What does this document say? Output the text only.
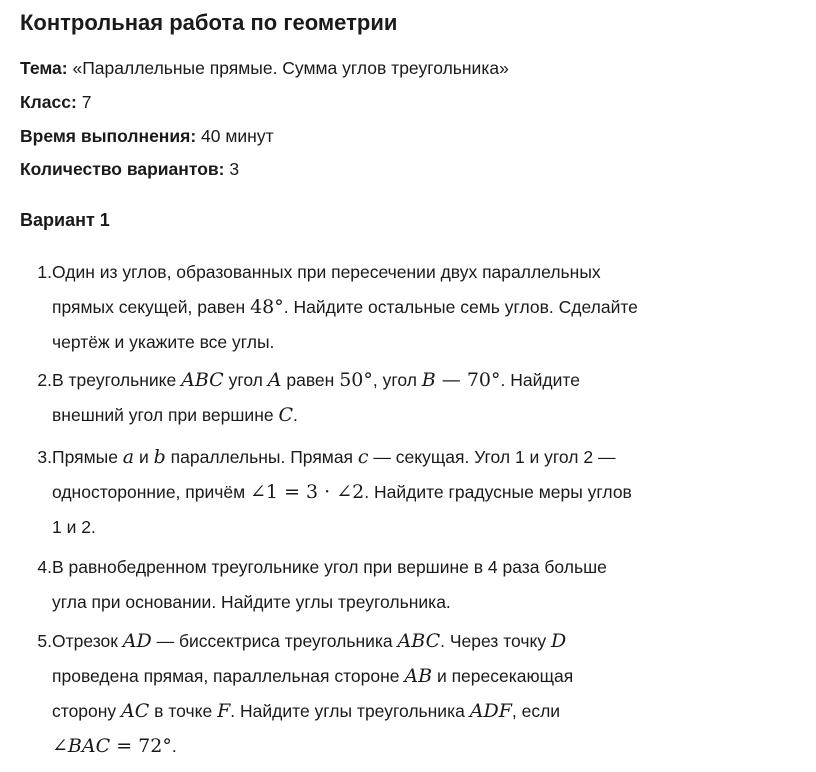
Контрольная работа по геометрии
Тема: «Параллельные прямые. Сумма углов треугольника»
Класс: 7
Время выполнения: 40 минут
Количество вариантов: 3
Вариант 1
1. Один из углов, образованных при пересечении двух параллельных
прямых секущей, равен 48°. Найдите остальные семь углов. Сделайте
чертёж и укажите все углы.
2. В треугольнике ABC угол A равен 50°, угол B — 70°. Найдите
внешний угол при вершине C.
3. Прямые a и b параллельны. Прямая c — секущая. Угол 1 и угол 2 —
односторонние, причём ∠1 = 3 · ∠2. Найдите градусные меры углов
1 и 2.
4. В равнобедренном треугольнике угол при вершине в 4 раза больше
угла при основании. Найдите углы треугольника.
5. Отрезок AD — биссектриса треугольника ABC. Через точку D
проведена прямая, параллельная стороне AB и пересекающая
сторону AC в точке F. Найдите углы треугольника ADF, если
∠BAC = 72°.
